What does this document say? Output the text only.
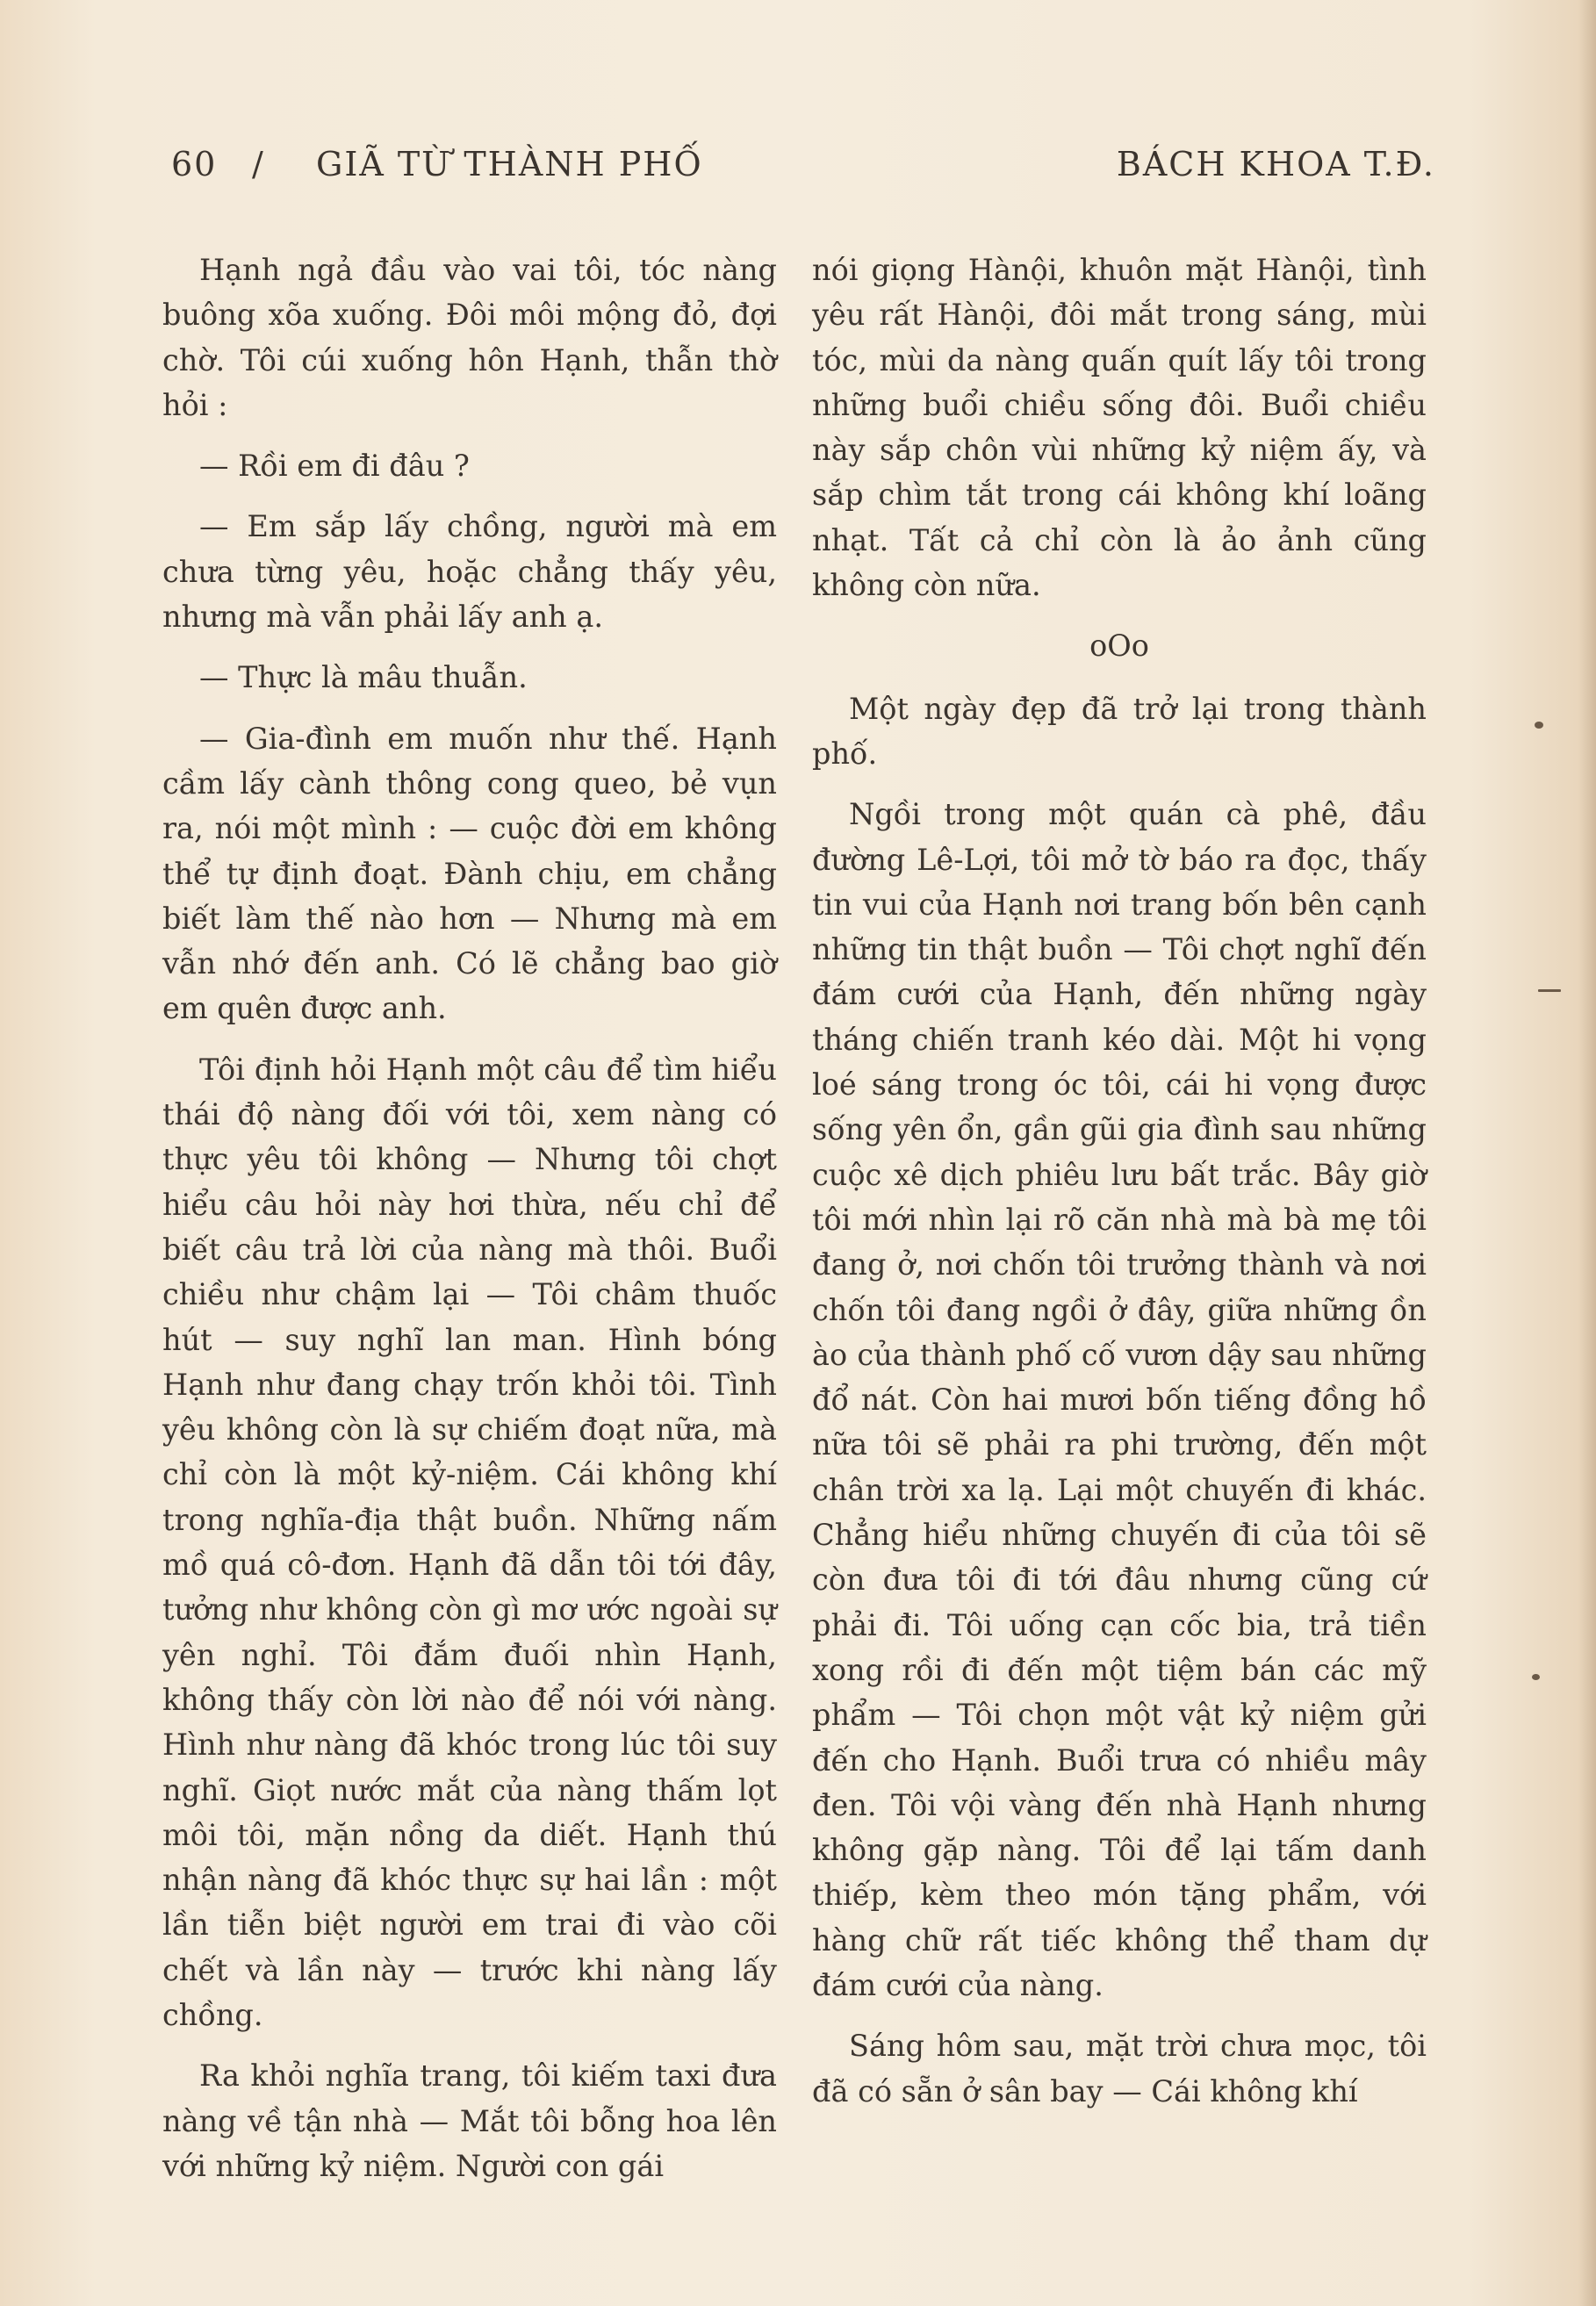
60 / GIÃ TỪ THÀNH PHỐ	BÁCH KHOA T.Đ.

Hạnh ngả đầu vào vai tôi, tóc nàng buông xõa xuống. Đôi môi mộng đỏ, đợi chờ. Tôi cúi xuống hôn Hạnh, thẫn thờ hỏi :

— Rồi em đi đâu ?

— Em sắp lấy chồng, người mà em chưa từng yêu, hoặc chẳng thấy yêu, nhưng mà vẫn phải lấy anh ạ.

— Thực là mâu thuẫn.

— Gia-đình em muốn như thế. Hạnh cầm lấy cành thông cong queo, bẻ vụn ra, nói một mình : — cuộc đời em không thể tự định đoạt. Đành chịu, em chẳng biết làm thế nào hơn — Nhưng mà em vẫn nhớ đến anh. Có lẽ chẳng bao giờ em quên được anh.

Tôi định hỏi Hạnh một câu để tìm hiểu thái độ nàng đối với tôi, xem nàng có thực yêu tôi không — Nhưng tôi chợt hiểu câu hỏi này hơi thừa, nếu chỉ để biết câu trả lời của nàng mà thôi. Buổi chiều như chậm lại — Tôi châm thuốc hút — suy nghĩ lan man. Hình bóng Hạnh như đang chạy trốn khỏi tôi. Tình yêu không còn là sự chiếm đoạt nữa, mà chỉ còn là một kỷ-niệm. Cái không khí trong nghĩa-địa thật buồn. Những nấm mồ quá cô-đơn. Hạnh đã dẫn tôi tới đây, tưởng như không còn gì mơ ước ngoài sự yên nghỉ. Tôi đắm đuối nhìn Hạnh, không thấy còn lời nào để nói với nàng. Hình như nàng đã khóc trong lúc tôi suy nghĩ. Giọt nước mắt của nàng thấm lọt môi tôi, mặn nồng da diết. Hạnh thú nhận nàng đã khóc thực sự hai lần : một lần tiễn biệt người em trai đi vào cõi chết và lần này — trước khi nàng lấy chồng.

Ra khỏi nghĩa trang, tôi kiếm taxi đưa nàng về tận nhà — Mắt tôi bỗng hoa lên với những kỷ niệm. Người con gái

nói giọng Hànội, khuôn mặt Hànội, tình yêu rất Hànội, đôi mắt trong sáng, mùi tóc, mùi da nàng quấn quít lấy tôi trong những buổi chiều sống đôi. Buổi chiều này sắp chôn vùi những kỷ niệm ấy, và sắp chìm tắt trong cái không khí loãng nhạt. Tất cả chỉ còn là ảo ảnh cũng không còn nữa.

oOo

Một ngày đẹp đã trở lại trong thành phố.

Ngồi trong một quán cà phê, đầu đường Lê-Lợi, tôi mở tờ báo ra đọc, thấy tin vui của Hạnh nơi trang bốn bên cạnh những tin thật buồn — Tôi chợt nghĩ đến đám cưới của Hạnh, đến những ngày tháng chiến tranh kéo dài. Một hi vọng loé sáng trong óc tôi, cái hi vọng được sống yên ổn, gần gũi gia đình sau những cuộc xê dịch phiêu lưu bất trắc. Bây giờ tôi mới nhìn lại rõ căn nhà mà bà mẹ tôi đang ở, nơi chốn tôi trưởng thành và nơi chốn tôi đang ngồi ở đây, giữa những ồn ào của thành phố cố vươn dậy sau những đổ nát. Còn hai mươi bốn tiếng đồng hồ nữa tôi sẽ phải ra phi trường, đến một chân trời xa lạ. Lại một chuyến đi khác. Chẳng hiểu những chuyến đi của tôi sẽ còn đưa tôi đi tới đâu nhưng cũng cứ phải đi. Tôi uống cạn cốc bia, trả tiền xong rồi đi đến một tiệm bán các mỹ phẩm — Tôi chọn một vật kỷ niệm gửi đến cho Hạnh. Buổi trưa có nhiều mây đen. Tôi vội vàng đến nhà Hạnh nhưng không gặp nàng. Tôi để lại tấm danh thiếp, kèm theo món tặng phẩm, với hàng chữ rất tiếc không thể tham dự đám cưới của nàng.

Sáng hôm sau, mặt trời chưa mọc, tôi đã có sẵn ở sân bay — Cái không khí
